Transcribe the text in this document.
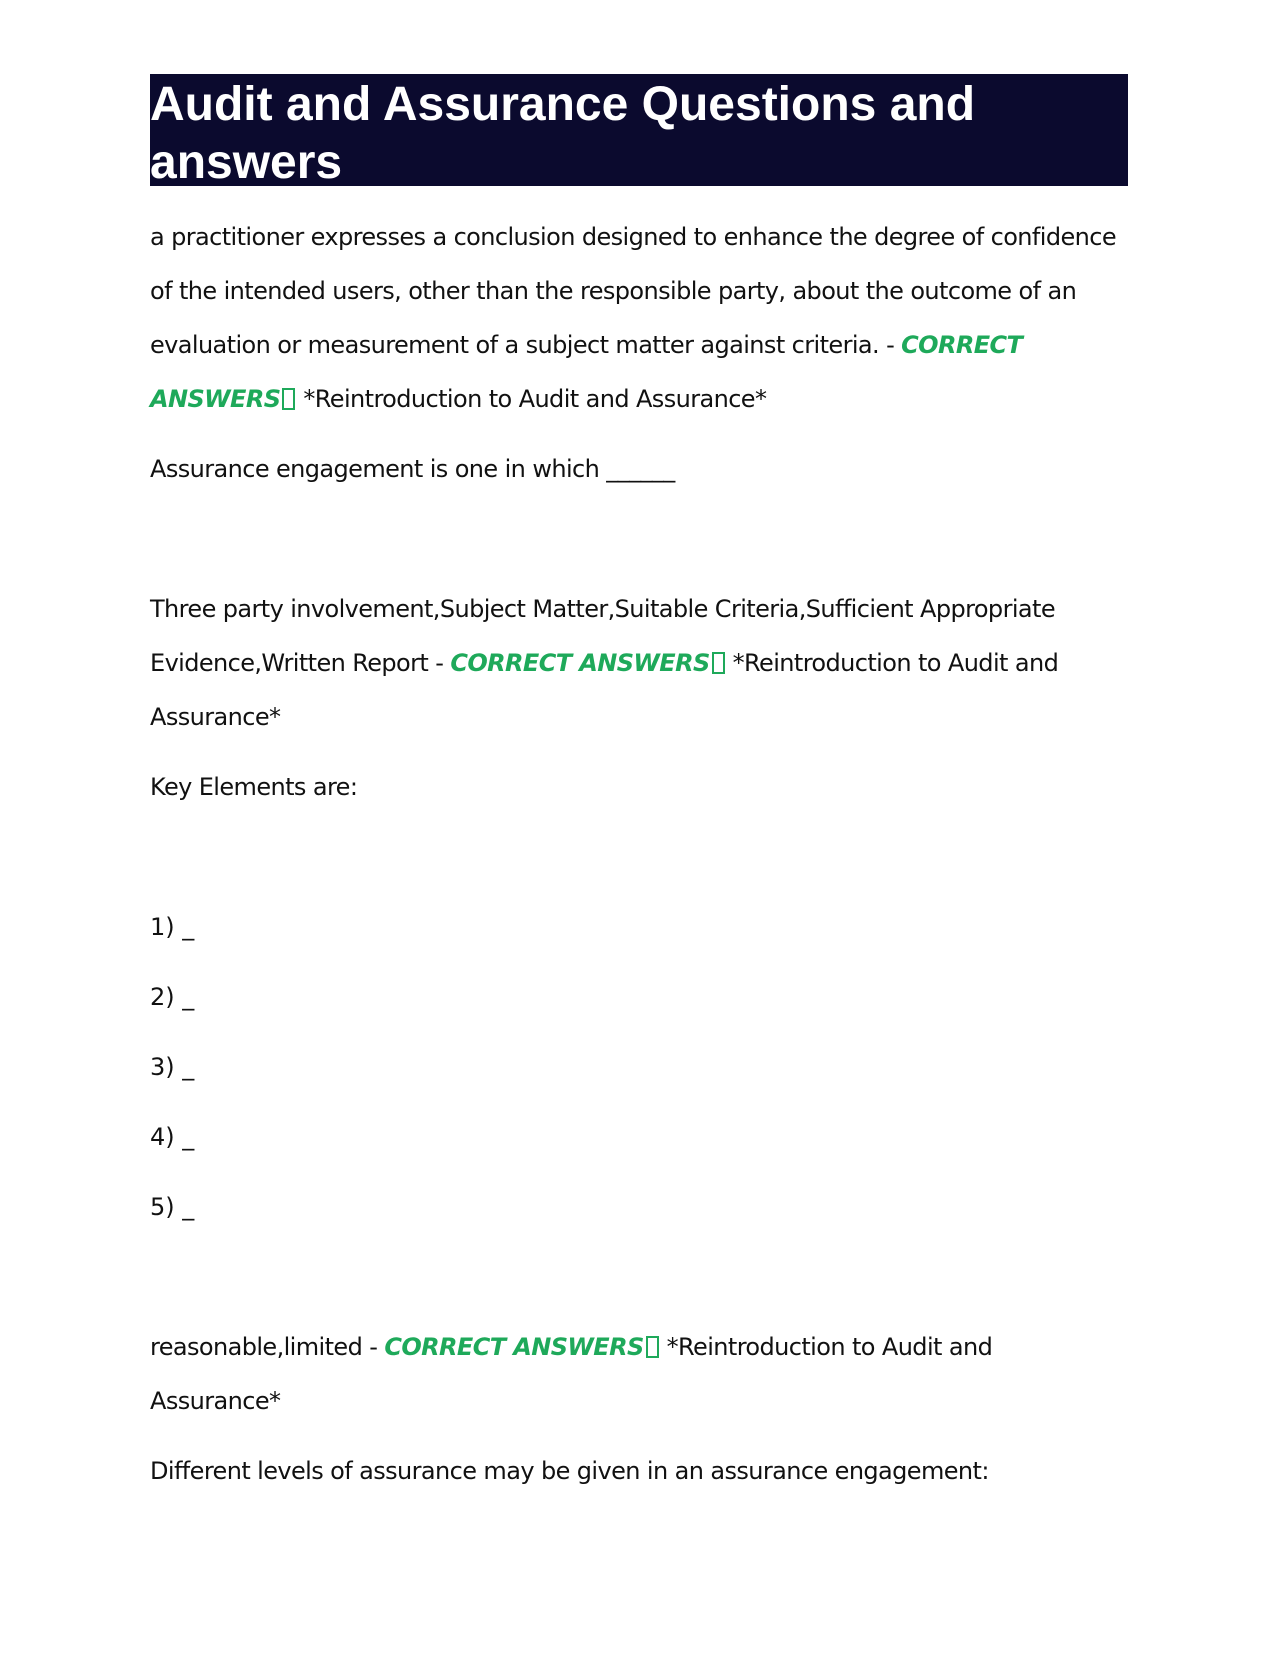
Audit and Assurance Questions and answers

a practitioner expresses a conclusion designed to enhance the degree of confidence of the intended users, other than the responsible party, about the outcome of an evaluation or measurement of a subject matter against criteria. - CORRECT ANSWERS *Reintroduction to Audit and Assurance*

Assurance engagement is one in which ______

Three party involvement,Subject Matter,Suitable Criteria,Sufficient Appropriate Evidence,Written Report - CORRECT ANSWERS *Reintroduction to Audit and Assurance*

Key Elements are:

1) _

2) _

3) _

4) _

5) _

reasonable,limited - CORRECT ANSWERS *Reintroduction to Audit and Assurance*

Different levels of assurance may be given in an assurance engagement:
